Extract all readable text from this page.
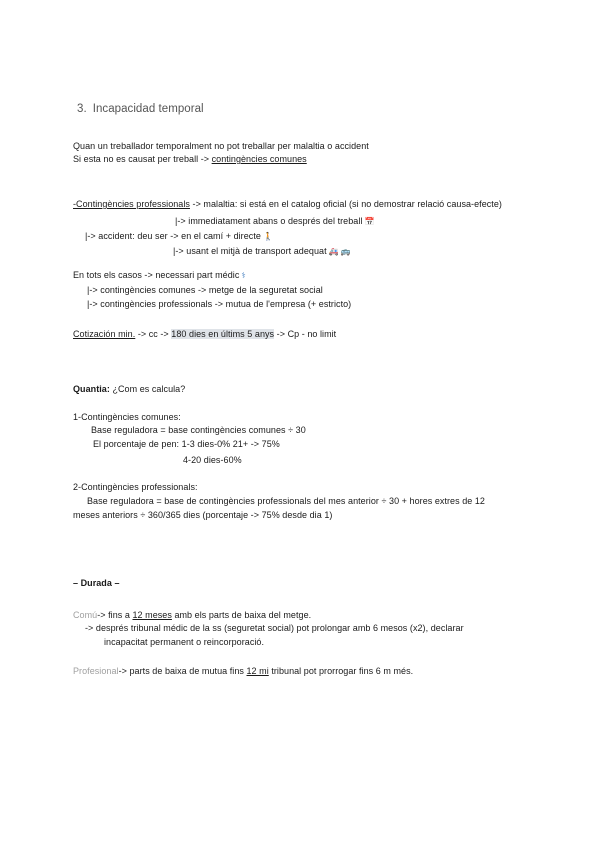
3. Incapacidad temporal
Quan un treballador temporalment no pot treballar per malaltia o accident
Si esta no es causat per treball -> contingències comunes
-Contingències professionals -> malaltia: si está en el catalog oficial (si no demostrar relació causa-efecte)
|-> immediatament abans o després del treball 📅
|-> accident: deu ser -> en el camí + directe 🚶
|-> usant el mitjà de transport adequat 🚑 🚌
En tots els casos -> necessari part médic ⚕
|-> contingències comunes -> metge de la seguretat social
|-> contingències professionals -> mutua de l'empresa (+ estricto)
Cotización min. -> cc -> 180 dies en últims 5 anys -> Cp - no limit
Quantia: ¿Com es calcula?
1-Contingències comunes:
Base reguladora = base contingències comunes ÷ 30
El porcentaje de pen: 1-3 dies-0% 21+ -> 75%
4-20 dies-60%
2-Contingències professionals:
Base reguladora = base de contingències professionals del mes anterior ÷ 30 + hores extres de 12
meses anteriors ÷ 360/365 dies (porcentaje -> 75% desde dia 1)
– Durada –
Comú-> fins a 12 meses amb els parts de baixa del metge.
-> després tribunal médic de la ss (seguretat social) pot prolongar amb 6 mesos (x2), declarar
incapacitat permanent o reincorporació.
Profesional-> parts de baixa de mutua fins 12 mi tribunal pot prorrogar fins 6 m més.
